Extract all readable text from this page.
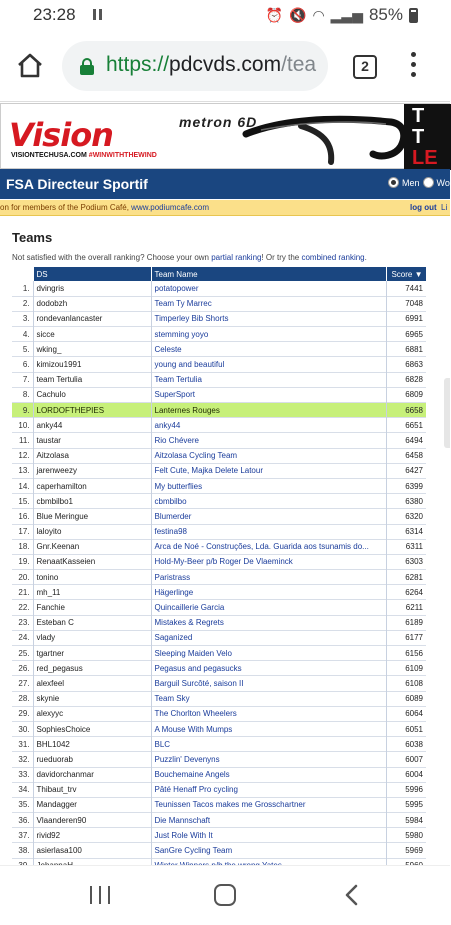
23:28	⏰ 🔇 ◠ ▂▃▅ 85%
https://pdcvds.com/tea	2
Vision
VISIONTECHUSA.COM #WINWITHTHEWIND
metron 6D	T
T
LE
FSA Directeur Sportif	Men Wo
on for members of the Podium Café, www.podiumcafe.com	log out Li
Teams
Not satisfied with the overall ranking? Choose your own partial ranking! Or try the combined ranking.
	DS	Team Name	Score ▼
1.	dvingris	potatopower	7441
2.	dodobzh	Team Ty Marrec	7048
3.	rondevanlancaster	Timperley Bib Shorts	6991
4.	sicce	stemming yoyo	6965
5.	wking_	Celeste	6881
6.	kimizou1991	young and beautiful	6863
7.	team Tertulia	Team Tertulia	6828
8.	Cachulo	SuperSport	6809
9.	LORDOFTHEPIES	Lanternes Rouges	6658
10.	anky44	anky44	6651
11.	taustar	Rio Chévere	6494
12.	Aitzolasa	Aitzolasa Cycling Team	6458
13.	jarenweezy	Felt Cute, Majka Delete Latour	6427
14.	caperhamilton	My butterflies	6399
15.	cbmbilbo1	cbmbilbo	6380
16.	Blue Meringue	Blumerder	6320
17.	laloyito	festina98	6314
18.	Gnr.Keenan	Arca de Noé - Construções, Lda. Guarida aos tsunamis do...	6311
19.	RenaatKasseien	Hold-My-Beer p/b Roger De Vlaeminck	6303
20.	tonino	Paristrass	6281
21.	mh_11	Hägerlinge	6264
22.	Fanchie	Quincaillerie Garcia	6211
23.	Esteban C	Mistakes & Regrets	6189
24.	vlady	Saganized	6177
25.	tgartner	Sleeping Maiden Velo	6156
26.	red_pegasus	Pegasus and pegasucks	6109
27.	alexfeel	Barguil Surcôté, saison II	6108
28.	skynie	Team Sky	6089
29.	alexyyc	The Chorlton Wheelers	6064
30.	SophiesChoice	A Mouse With Mumps	6051
31.	BHL1042	BLC	6038
32.	rueduorab	Puzzlin' Devenyns	6007
33.	davidorchanmar	Bouchemaine Angels	6004
34.	Thibaut_trv	Pâté Henaff Pro cycling	5996
35.	Mandagger	Teunissen Tacos makes me Grosschartner	5995
36.	Vlaanderen90	Die Mannschaft	5984
37.	rivid92	Just Role With It	5980
38.	asierlasa100	SanGre Cycling Team	5969
